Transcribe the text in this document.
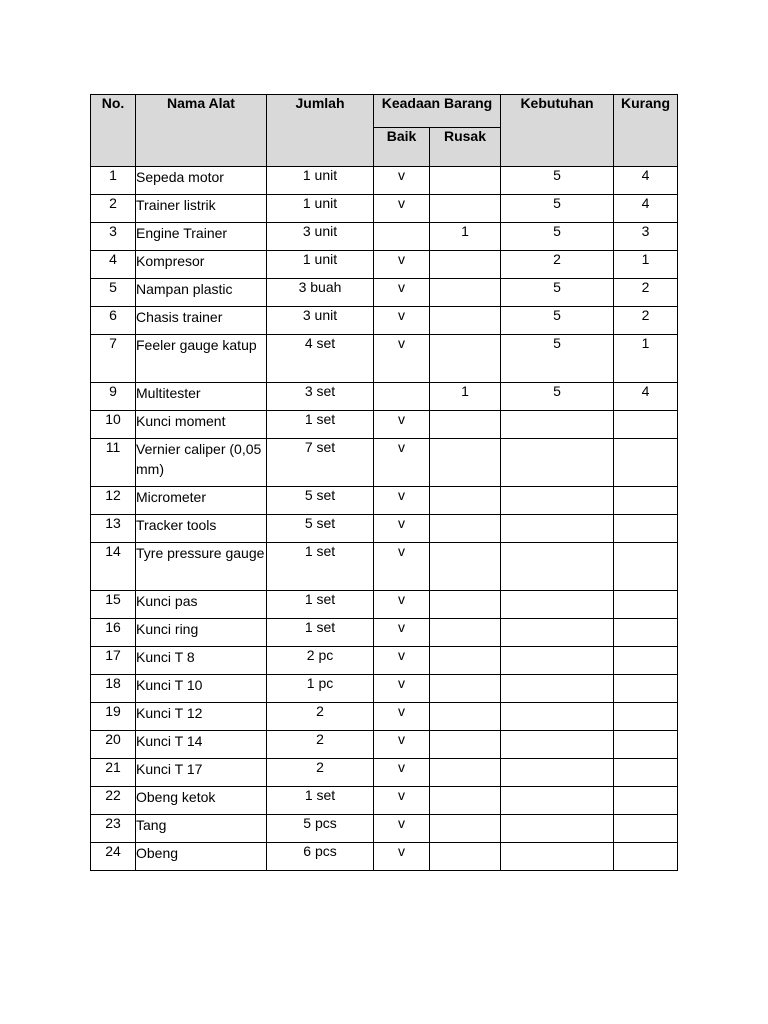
No.	Nama Alat	Jumlah	Keadaan Barang		Kebutuhan	Kurang
			Baik	Rusak		
1	Sepeda motor	1 unit	v		5	4
2	Trainer listrik	1 unit	v		5	4
3	Engine Trainer	3 unit		1	5	3
4	Kompresor	1 unit	v		2	1
5	Nampan plastic	3 buah	v		5	2
6	Chasis trainer	3 unit	v		5	2
7	Feeler gauge katup	4 set	v		5	1
9	Multitester	3 set		1	5	4
10	Kunci moment	1 set	v			
11	Vernier caliper (0,05 mm)	7 set	v			
12	Micrometer	5 set	v			
13	Tracker tools	5 set	v			
14	Tyre pressure gauge	1 set	v			
15	Kunci pas	1 set	v			
16	Kunci ring	1 set	v			
17	Kunci T 8	2 pc	v			
18	Kunci T 10	1 pc	v			
19	Kunci T 12	2	v			
20	Kunci T 14	2	v			
21	Kunci T 17	2	v			
22	Obeng ketok	1 set	v			
23	Tang	5 pcs	v			
24	Obeng	6 pcs	v			
